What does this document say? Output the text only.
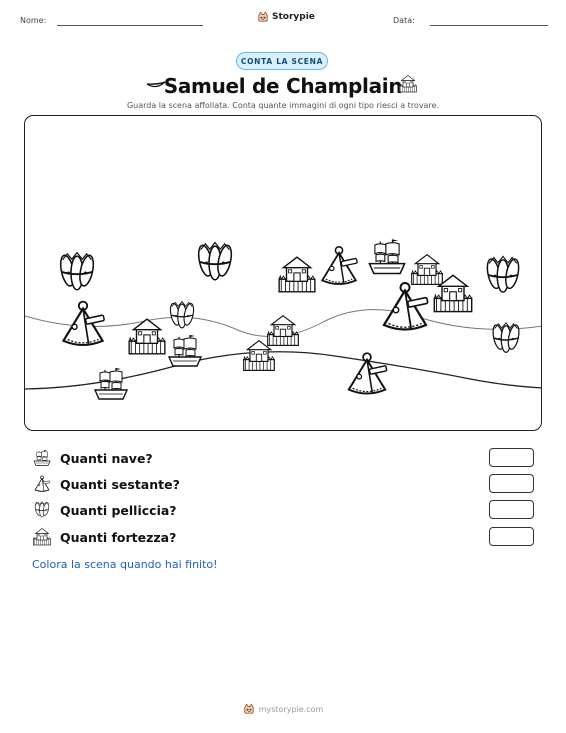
Nome:	Storypie	Data:
CONTA LA SCENA
Samuel de Champlain
Guarda la scena affollata. Conta quante immagini di ogni tipo riesci a trovare.
Quanti nave?
Quanti sestante?
Quanti pelliccia?
Quanti fortezza?
Colora la scena quando hai finito!
mystorypie.com
